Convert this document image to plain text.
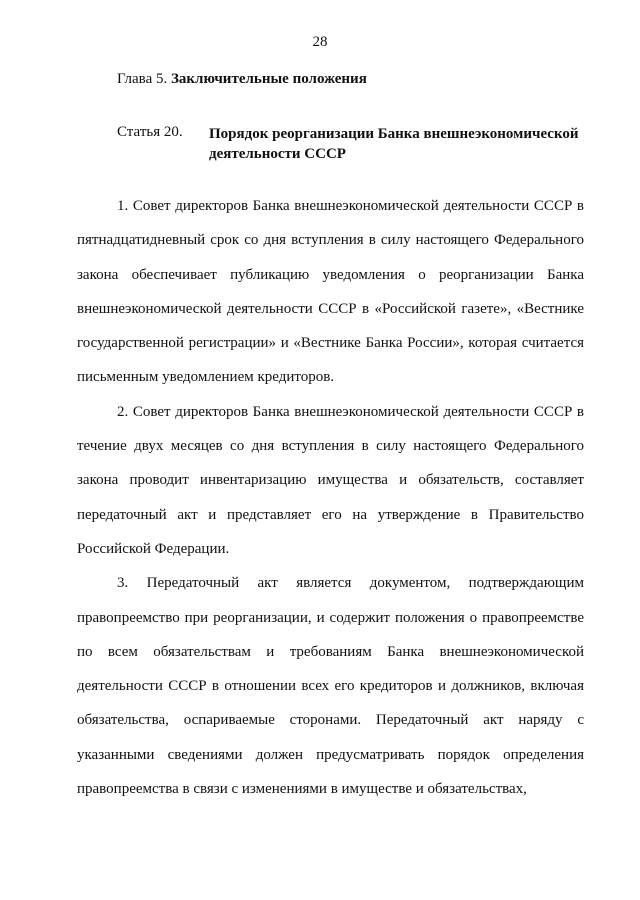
28
Глава 5. Заключительные положения
Статья 20. Порядок реорганизации Банка внешнеэкономической деятельности СССР

1. Совет директоров Банка внешнеэкономической деятельности СССР в пятнадцатидневный срок со дня вступления в силу настоящего Федерального закона обеспечивает публикацию уведомления о реорганизации Банка внешнеэкономической деятельности СССР в «Российской газете», «Вестнике государственной регистрации» и «Вестнике Банка России», которая считается письменным уведомлением кредиторов.

2. Совет директоров Банка внешнеэкономической деятельности СССР в течение двух месяцев со дня вступления в силу настоящего Федерального закона проводит инвентаризацию имущества и обязательств, составляет передаточный акт и представляет его на утверждение в Правительство Российской Федерации.

3. Передаточный акт является документом, подтверждающим правопреемство при реорганизации, и содержит положения о правопреемстве по всем обязательствам и требованиям Банка внешнеэкономической деятельности СССР в отношении всех его кредиторов и должников, включая обязательства, оспариваемые сторонами. Передаточный акт наряду с указанными сведениями должен предусматривать порядок определения правопреемства в связи с изменениями в имуществе и обязательствах,
